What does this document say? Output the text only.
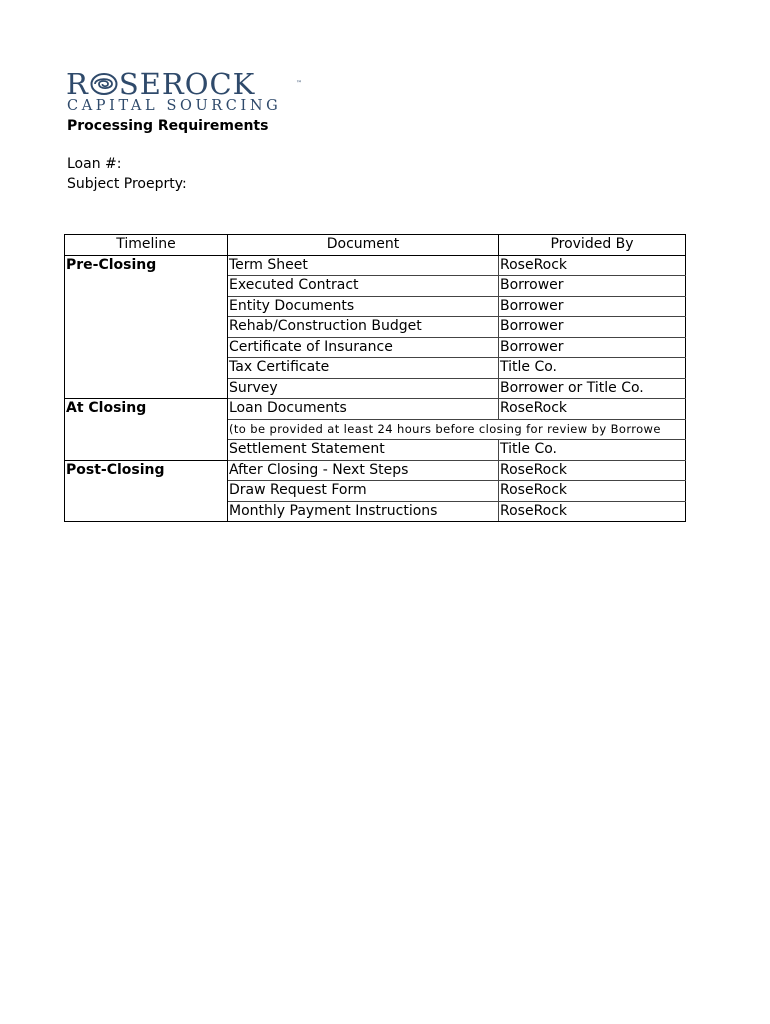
R SEROCK	™
CAPITAL SOURCING
Processing Requirements
Loan #:
Subject Proeprty:
Timeline	Document	Provided By
Pre-Closing	Term Sheet	RoseRock
	Executed Contract	Borrower
	Entity Documents	Borrower
	Rehab/Construction Budget	Borrower
	Certificate of Insurance	Borrower
	Tax Certificate	Title Co.
	Survey	Borrower or Title Co.
At Closing	Loan Documents	RoseRock

	(to be provided at least 24 hours before closing for review by Borrowe	

	Settlement Statement	Title Co.
Post-Closing	After Closing - Next Steps	RoseRock
	Draw Request Form	RoseRock
	Monthly Payment Instructions	RoseRock
